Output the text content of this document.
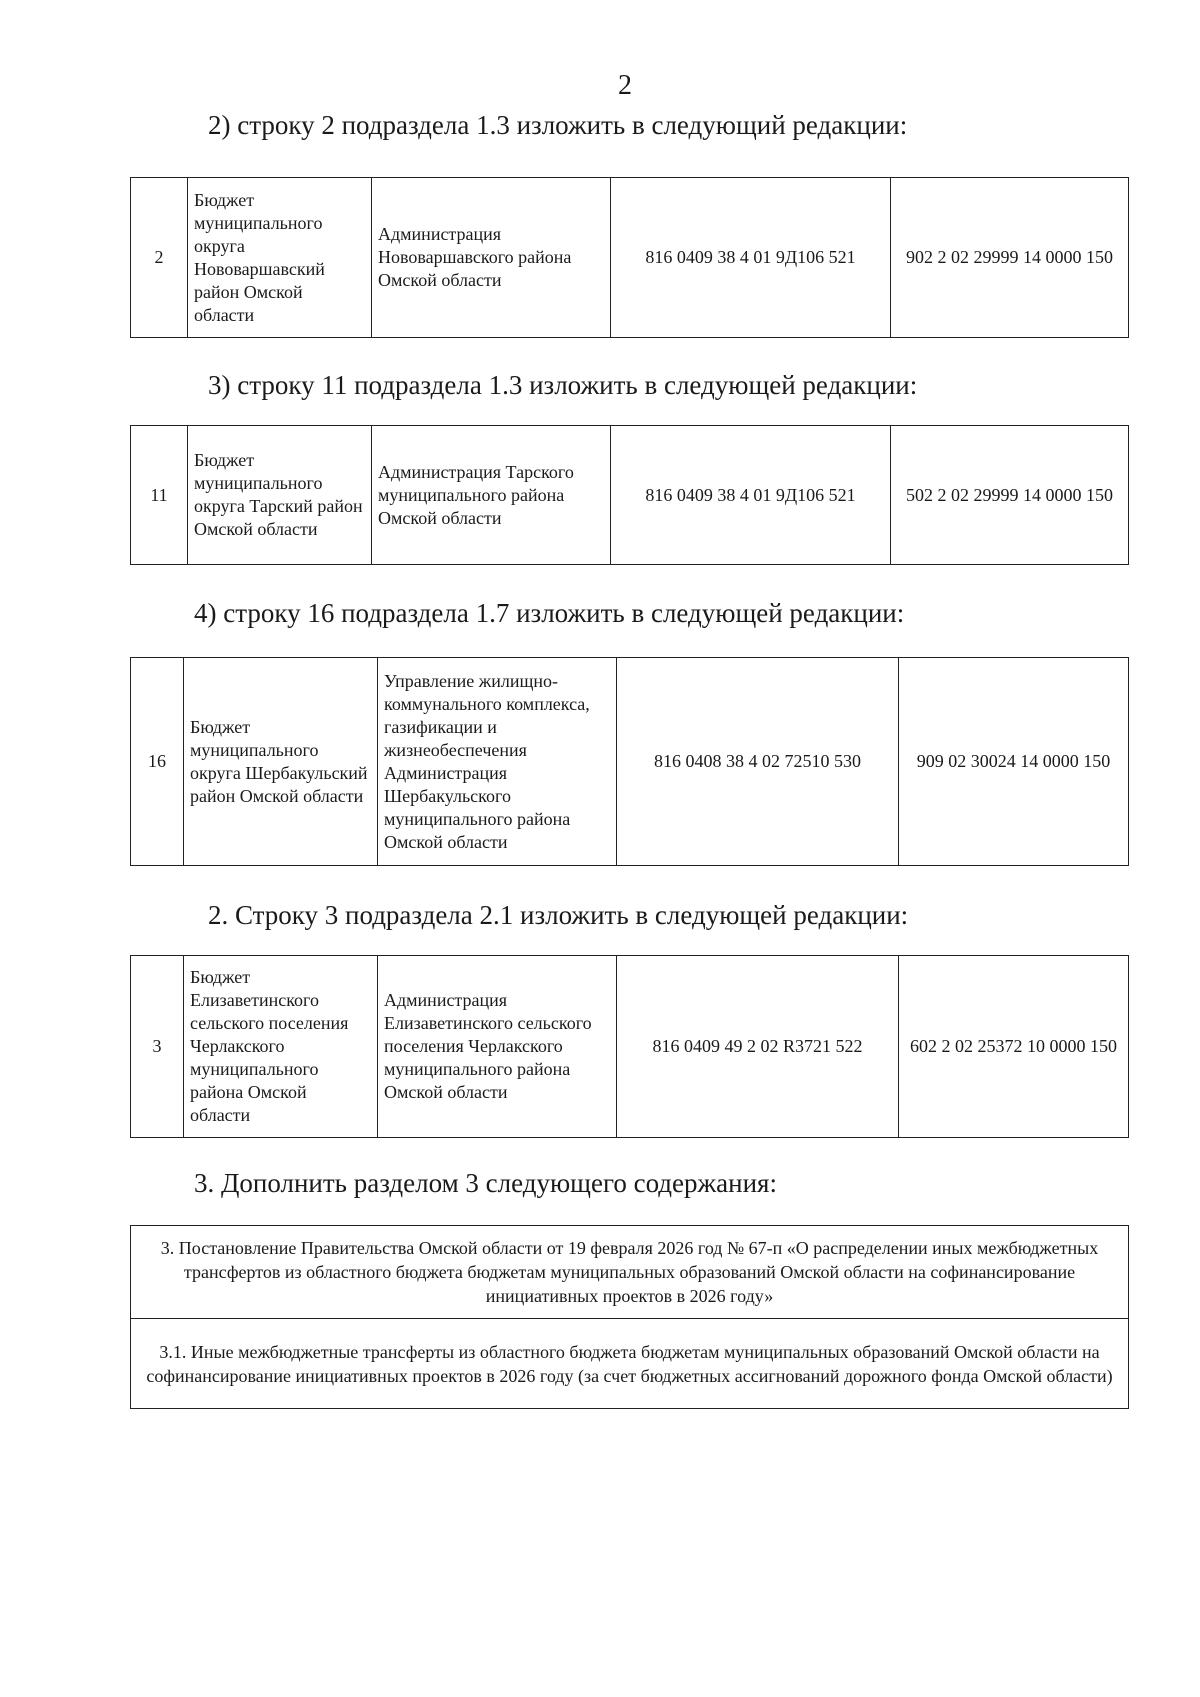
2
2) строку 2 подраздела 1.3 изложить в следующий редакции:
2	Бюджет муниципального округа Нововаршавский район Омской области	Администрация Нововаршавского района Омской области	816 0409 38 4 01 9Д106 521	902 2 02 29999 14 0000 150
3) строку 11 подраздела 1.3 изложить в следующей редакции:
11	Бюджет муниципального округа Тарский район Омской области	Администрация Тарского муниципального района Омской области	816 0409 38 4 01 9Д106 521	502 2 02 29999 14 0000 150
4) строку 16 подраздела 1.7 изложить в следующей редакции:
16	Бюджет муниципального округа Шербакульский район Омской области	Управление жилищно-коммунального комплекса, газификации и жизнеобеспечения Администрация Шербакульского муниципального района Омской области	816 0408 38 4 02 72510 530	909 02 30024 14 0000 150
2. Строку 3 подраздела 2.1 изложить в следующей редакции:
3	Бюджет Елизаветинского сельского поселения Черлакского муниципального района Омской области	Администрация Елизаветинского сельского поселения Черлакского муниципального района Омской области	816 0409 49 2 02 R3721 522	602 2 02 25372 10 0000 150
3. Дополнить разделом 3 следующего содержания:
3. Постановление Правительства Омской области от 19 февраля 2026 год № 67-п «О распределении иных межбюджетных трансфертов из областного бюджета бюджетам муниципальных образований Омской области на софинансирование инициативных проектов в 2026 году»
3.1. Иные межбюджетные трансферты из областного бюджета бюджетам муниципальных образований Омской области на софинансирование инициативных проектов в 2026 году (за счет бюджетных ассигнований дорожного фонда Омской области)
